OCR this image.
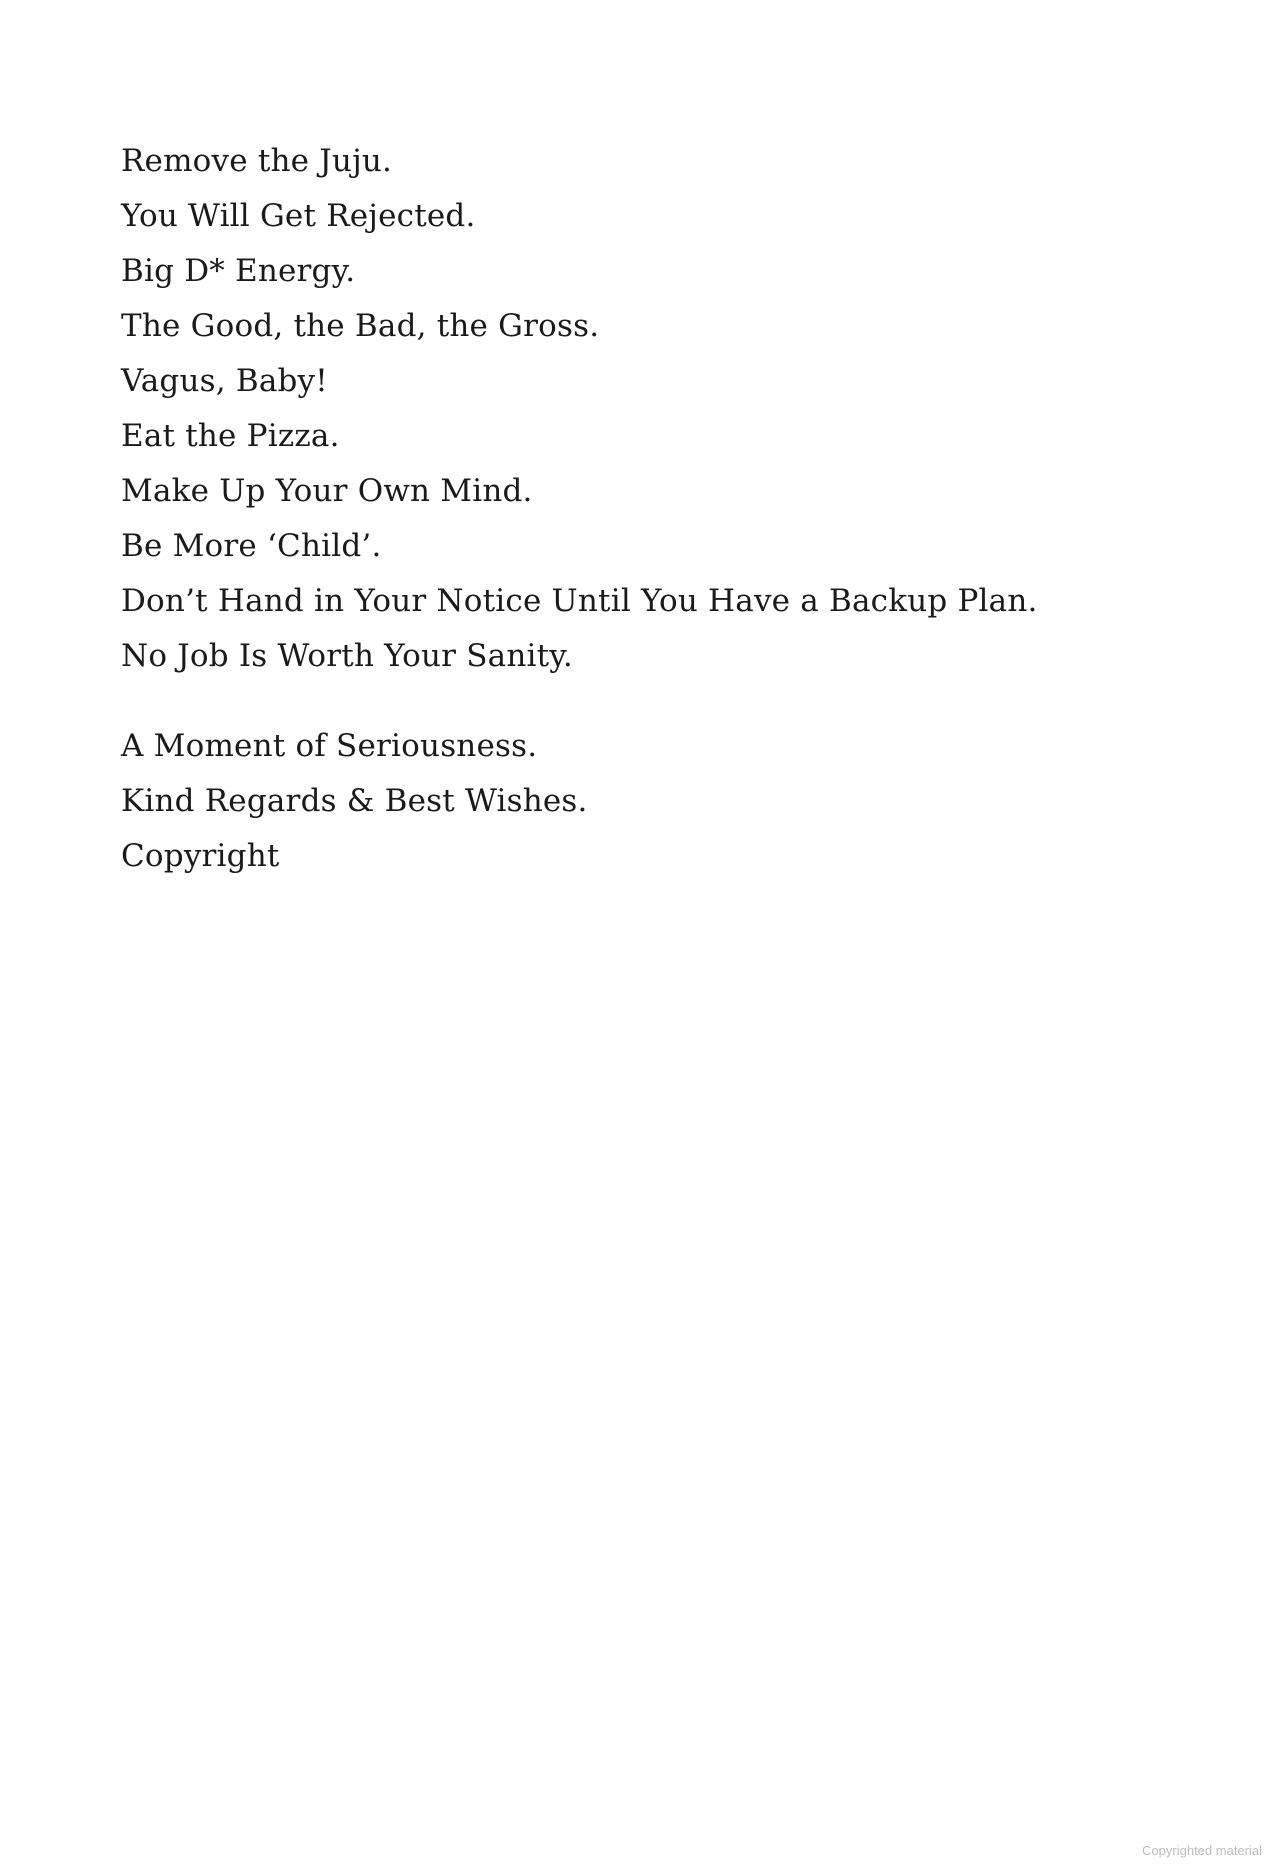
Remove the Juju.
You Will Get Rejected.
Big D* Energy.
The Good, the Bad, the Gross.
Vagus, Baby!
Eat the Pizza.
Make Up Your Own Mind.
Be More ‘Child’.
Don’t Hand in Your Notice Until You Have a Backup Plan.
No Job Is Worth Your Sanity.
A Moment of Seriousness.
Kind Regards & Best Wishes.
Copyright
Copyrighted material
